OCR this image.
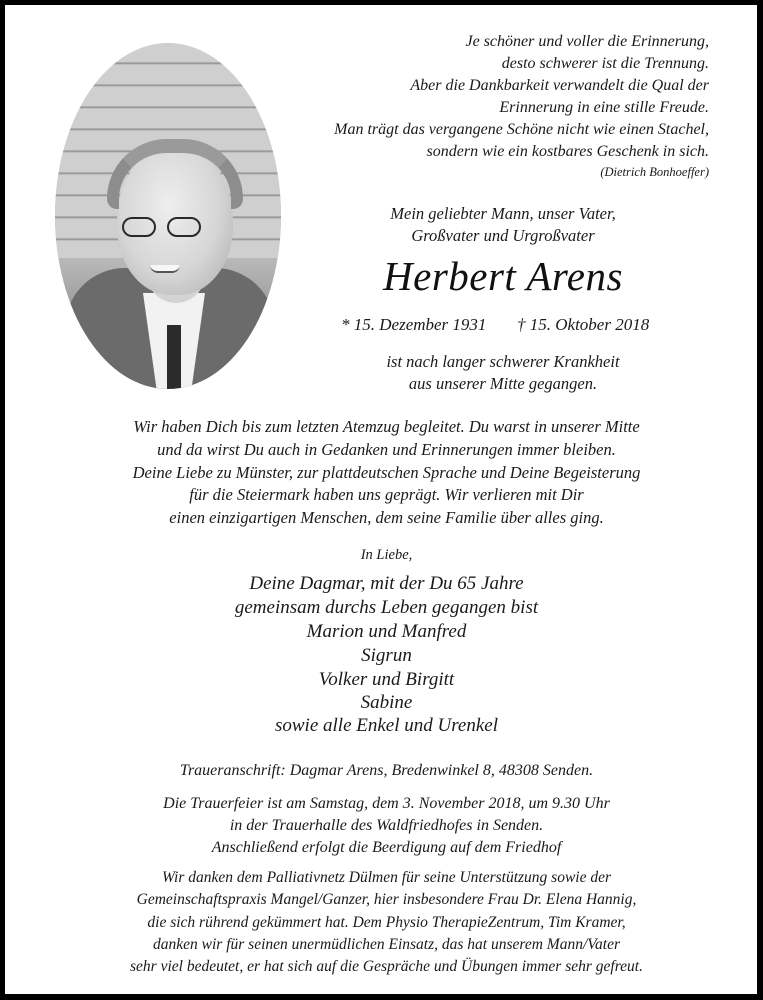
Je schöner und voller die Erinnerung,
desto schwerer ist die Trennung.
Aber die Dankbarkeit verwandelt die Qual der
Erinnerung in eine stille Freude.
Man trägt das vergangene Schöne nicht wie einen Stachel,
sondern wie ein kostbares Geschenk in sich.
(Dietrich Bonhoeffer)
Mein geliebter Mann, unser Vater,
Großvater und Urgroßvater
Herbert Arens
* 15. Dezember 1931 † 15. Oktober 2018
ist nach langer schwerer Krankheit
aus unserer Mitte gegangen.
Wir haben Dich bis zum letzten Atemzug begleitet. Du warst in unserer Mitte
und da wirst Du auch in Gedanken und Erinnerungen immer bleiben.
Deine Liebe zu Münster, zur plattdeutschen Sprache und Deine Begeisterung
für die Steiermark haben uns geprägt. Wir verlieren mit Dir
einen einzigartigen Menschen, dem seine Familie über alles ging.
In Liebe,
Deine Dagmar, mit der Du 65 Jahre
gemeinsam durchs Leben gegangen bist
Marion und Manfred
Sigrun
Volker und Birgitt
Sabine
sowie alle Enkel und Urenkel
Traueranschrift: Dagmar Arens, Bredenwinkel 8, 48308 Senden.
Die Trauerfeier ist am Samstag, dem 3. November 2018, um 9.30 Uhr
in der Trauerhalle des Waldfriedhofes in Senden.
Anschließend erfolgt die Beerdigung auf dem Friedhof
Wir danken dem Palliativnetz Dülmen für seine Unterstützung sowie der
Gemeinschaftspraxis Mangel/Ganzer, hier insbesondere Frau Dr. Elena Hannig,
die sich rührend gekümmert hat. Dem Physio TherapieZentrum, Tim Kramer,
danken wir für seinen unermüdlichen Einsatz, das hat unserem Mann/Vater
sehr viel bedeutet, er hat sich auf die Gespräche und Übungen immer sehr gefreut.
